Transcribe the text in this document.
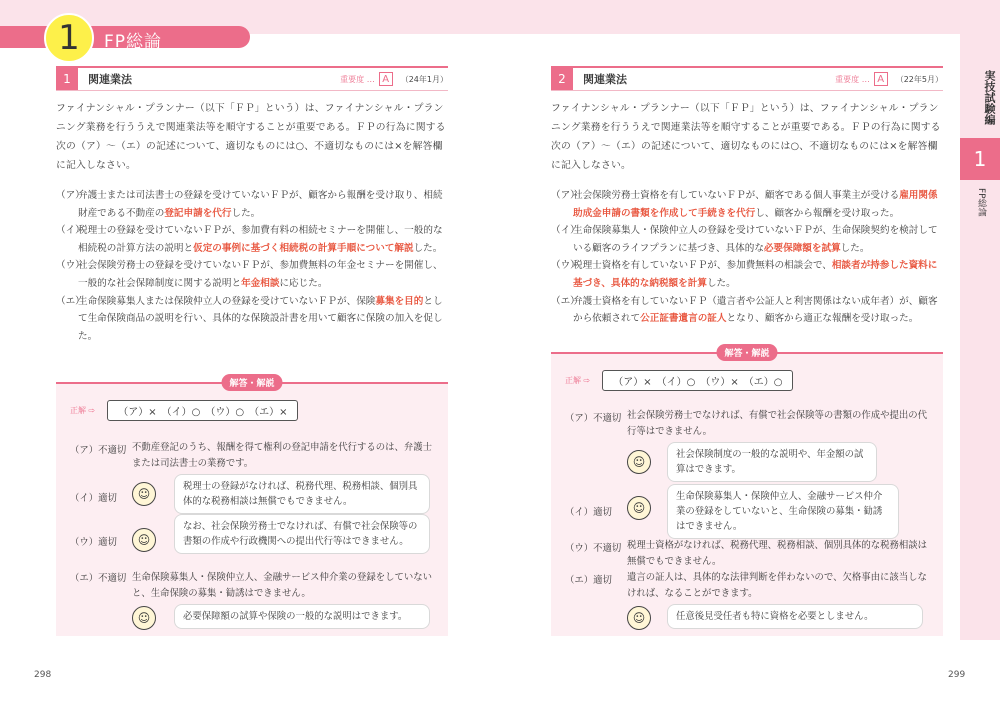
1	FP総論
実技試験編
1
FP総論
1	関連業法	重要度 … A	（24年1月）
ファイナンシャル・プランナー（以下「ＦＰ」という）は、ファイナンシャル・プランニング業務を行ううえで関連業法等を順守することが重要である。ＦＰの行為に関する次の（ア）～（エ）の記述について、適切なものには○、不適切なものには×を解答欄に記入しなさい。
（ア）
弁護士または司法書士の登録を受けていないＦＰが、顧客から報酬を受け取り、相続財産である不動産の登記申請を代行した。
（イ）
税理士の登録を受けていないＦＰが、参加費有料の相続セミナーを開催し、一般的な相続税の計算方法の説明と仮定の事例に基づく相続税の計算手順について解説した。
（ウ）
社会保険労務士の登録を受けていないＦＰが、参加費無料の年金セミナーを開催し、一般的な社会保障制度に関する説明と年金相談に応じた。
（エ）
生命保険募集人または保険仲立人の登録を受けていないＦＰが、保険募集を目的として生命保険商品の説明を行い、具体的な保険設計書を用いて顧客に保険の加入を促した。
解答・解説
正解 ⇨	（ア）×　（イ）○　（ウ）○　（エ）×
（ア）不適切 不動産登記のうち、報酬を得て権利の登記申請を代行するのは、弁護士または司法書士の業務です。
（イ）適切	☺
税理士の登録がなければ、税務代理、税務相談、個別具体的な税務相談は無償でもできません。
（ウ）適切	☺
なお、社会保険労務士でなければ、有償で社会保険等の書類の作成や行政機関への提出代行等はできません。
（エ）不適切 生命保険募集人・保険仲立人、金融サービス仲介業の登録をしていないと、生命保険の募集・勧誘はできません。
☺	必要保障額の試算や保険の一般的な説明はできます。
2	関連業法	重要度 … A	（22年5月）
ファイナンシャル・プランナー（以下「ＦＰ」という）は、ファイナンシャル・プランニング業務を行ううえで関連業法等を順守することが重要である。ＦＰの行為に関する次の（ア）～（エ）の記述について、適切なものには○、不適切なものには×を解答欄に記入しなさい。
（ア）
社会保険労務士資格を有していないＦＰが、顧客である個人事業主が受ける雇用関係助成金申請の書類を作成して手続きを代行し、顧客から報酬を受け取った。
（イ）
生命保険募集人・保険仲立人の登録を受けていないＦＰが、生命保険契約を検討している顧客のライフプランに基づき、具体的な必要保障額を試算した。
（ウ）
税理士資格を有していないＦＰが、参加費無料の相談会で、相談者が持参した資料に基づき、具体的な納税額を計算した。
（エ）
弁護士資格を有していないＦＰ（遺言者や公証人と利害関係はない成年者）が、顧客から依頼されて公正証書遺言の証人となり、顧客から適正な報酬を受け取った。
解答・解説
正解 ⇨	（ア）×　（イ）○　（ウ）×　（エ）○
（ア）不適切 社会保険労務士でなければ、有償で社会保険等の書類の作成や提出の代行等はできません。
☺
社会保険制度の一般的な説明や、年金額の試算はできます。
（イ）適切	☺
生命保険募集人・保険仲立人、金融サービス仲介業の登録をしていないと、生命保険の募集・勧誘はできません。
（ウ）不適切 税理士資格がなければ、税務代理、税務相談、個別具体的な税務相談は無償でもできません。
（エ）適切	遺言の証人は、具体的な法律判断を伴わないので、欠格事由に該当しなければ、なることができます。
☺	任意後見受任者も特に資格を必要としません。
298	299
